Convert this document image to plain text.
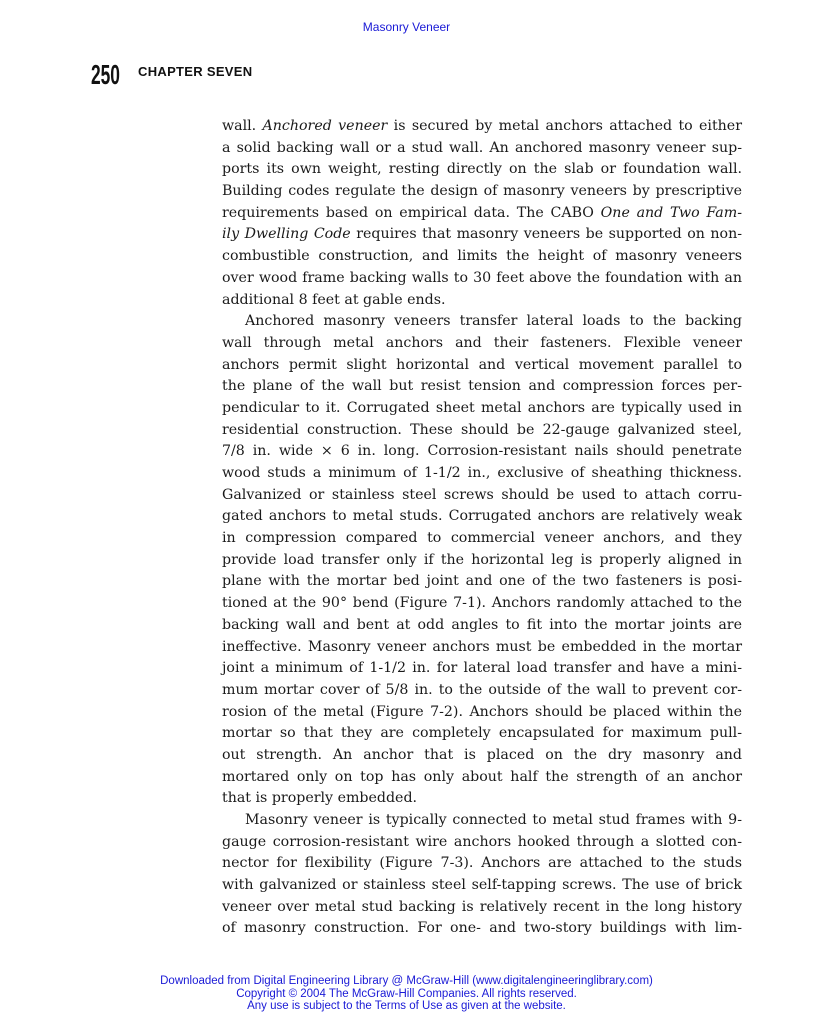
Masonry Veneer
250 CHAPTER SEVEN
wall. Anchored veneer is secured by metal anchors attached to either
a solid backing wall or a stud wall. An anchored masonry veneer sup-
ports its own weight, resting directly on the slab or foundation wall.
Building codes regulate the design of masonry veneers by prescriptive
requirements based on empirical data. The CABO One and Two Fam-
ily Dwelling Code requires that masonry veneers be supported on non-
combustible construction, and limits the height of masonry veneers
over wood frame backing walls to 30 feet above the foundation with an
additional 8 feet at gable ends.
Anchored masonry veneers transfer lateral loads to the backing
wall through metal anchors and their fasteners. Flexible veneer
anchors permit slight horizontal and vertical movement parallel to
the plane of the wall but resist tension and compression forces per-
pendicular to it. Corrugated sheet metal anchors are typically used in
residential construction. These should be 22-gauge galvanized steel,
7/8 in. wide × 6 in. long. Corrosion-resistant nails should penetrate
wood studs a minimum of 1-1/2 in., exclusive of sheathing thickness.
Galvanized or stainless steel screws should be used to attach corru-
gated anchors to metal studs. Corrugated anchors are relatively weak
in compression compared to commercial veneer anchors, and they
provide load transfer only if the horizontal leg is properly aligned in
plane with the mortar bed joint and one of the two fasteners is posi-
tioned at the 90° bend (Figure 7-1). Anchors randomly attached to the
backing wall and bent at odd angles to fit into the mortar joints are
ineffective. Masonry veneer anchors must be embedded in the mortar
joint a minimum of 1-1/2 in. for lateral load transfer and have a mini-
mum mortar cover of 5/8 in. to the outside of the wall to prevent cor-
rosion of the metal (Figure 7-2). Anchors should be placed within the
mortar so that they are completely encapsulated for maximum pull-
out strength. An anchor that is placed on the dry masonry and
mortared only on top has only about half the strength of an anchor
that is properly embedded.
Masonry veneer is typically connected to metal stud frames with 9-
gauge corrosion-resistant wire anchors hooked through a slotted con-
nector for flexibility (Figure 7-3). Anchors are attached to the studs
with galvanized or stainless steel self-tapping screws. The use of brick
veneer over metal stud backing is relatively recent in the long history
of masonry construction. For one- and two-story buildings with lim-
Downloaded from Digital Engineering Library @ McGraw-Hill (www.digitalengineeringlibrary.com)
Copyright © 2004 The McGraw-Hill Companies. All rights reserved.
Any use is subject to the Terms of Use as given at the website.
